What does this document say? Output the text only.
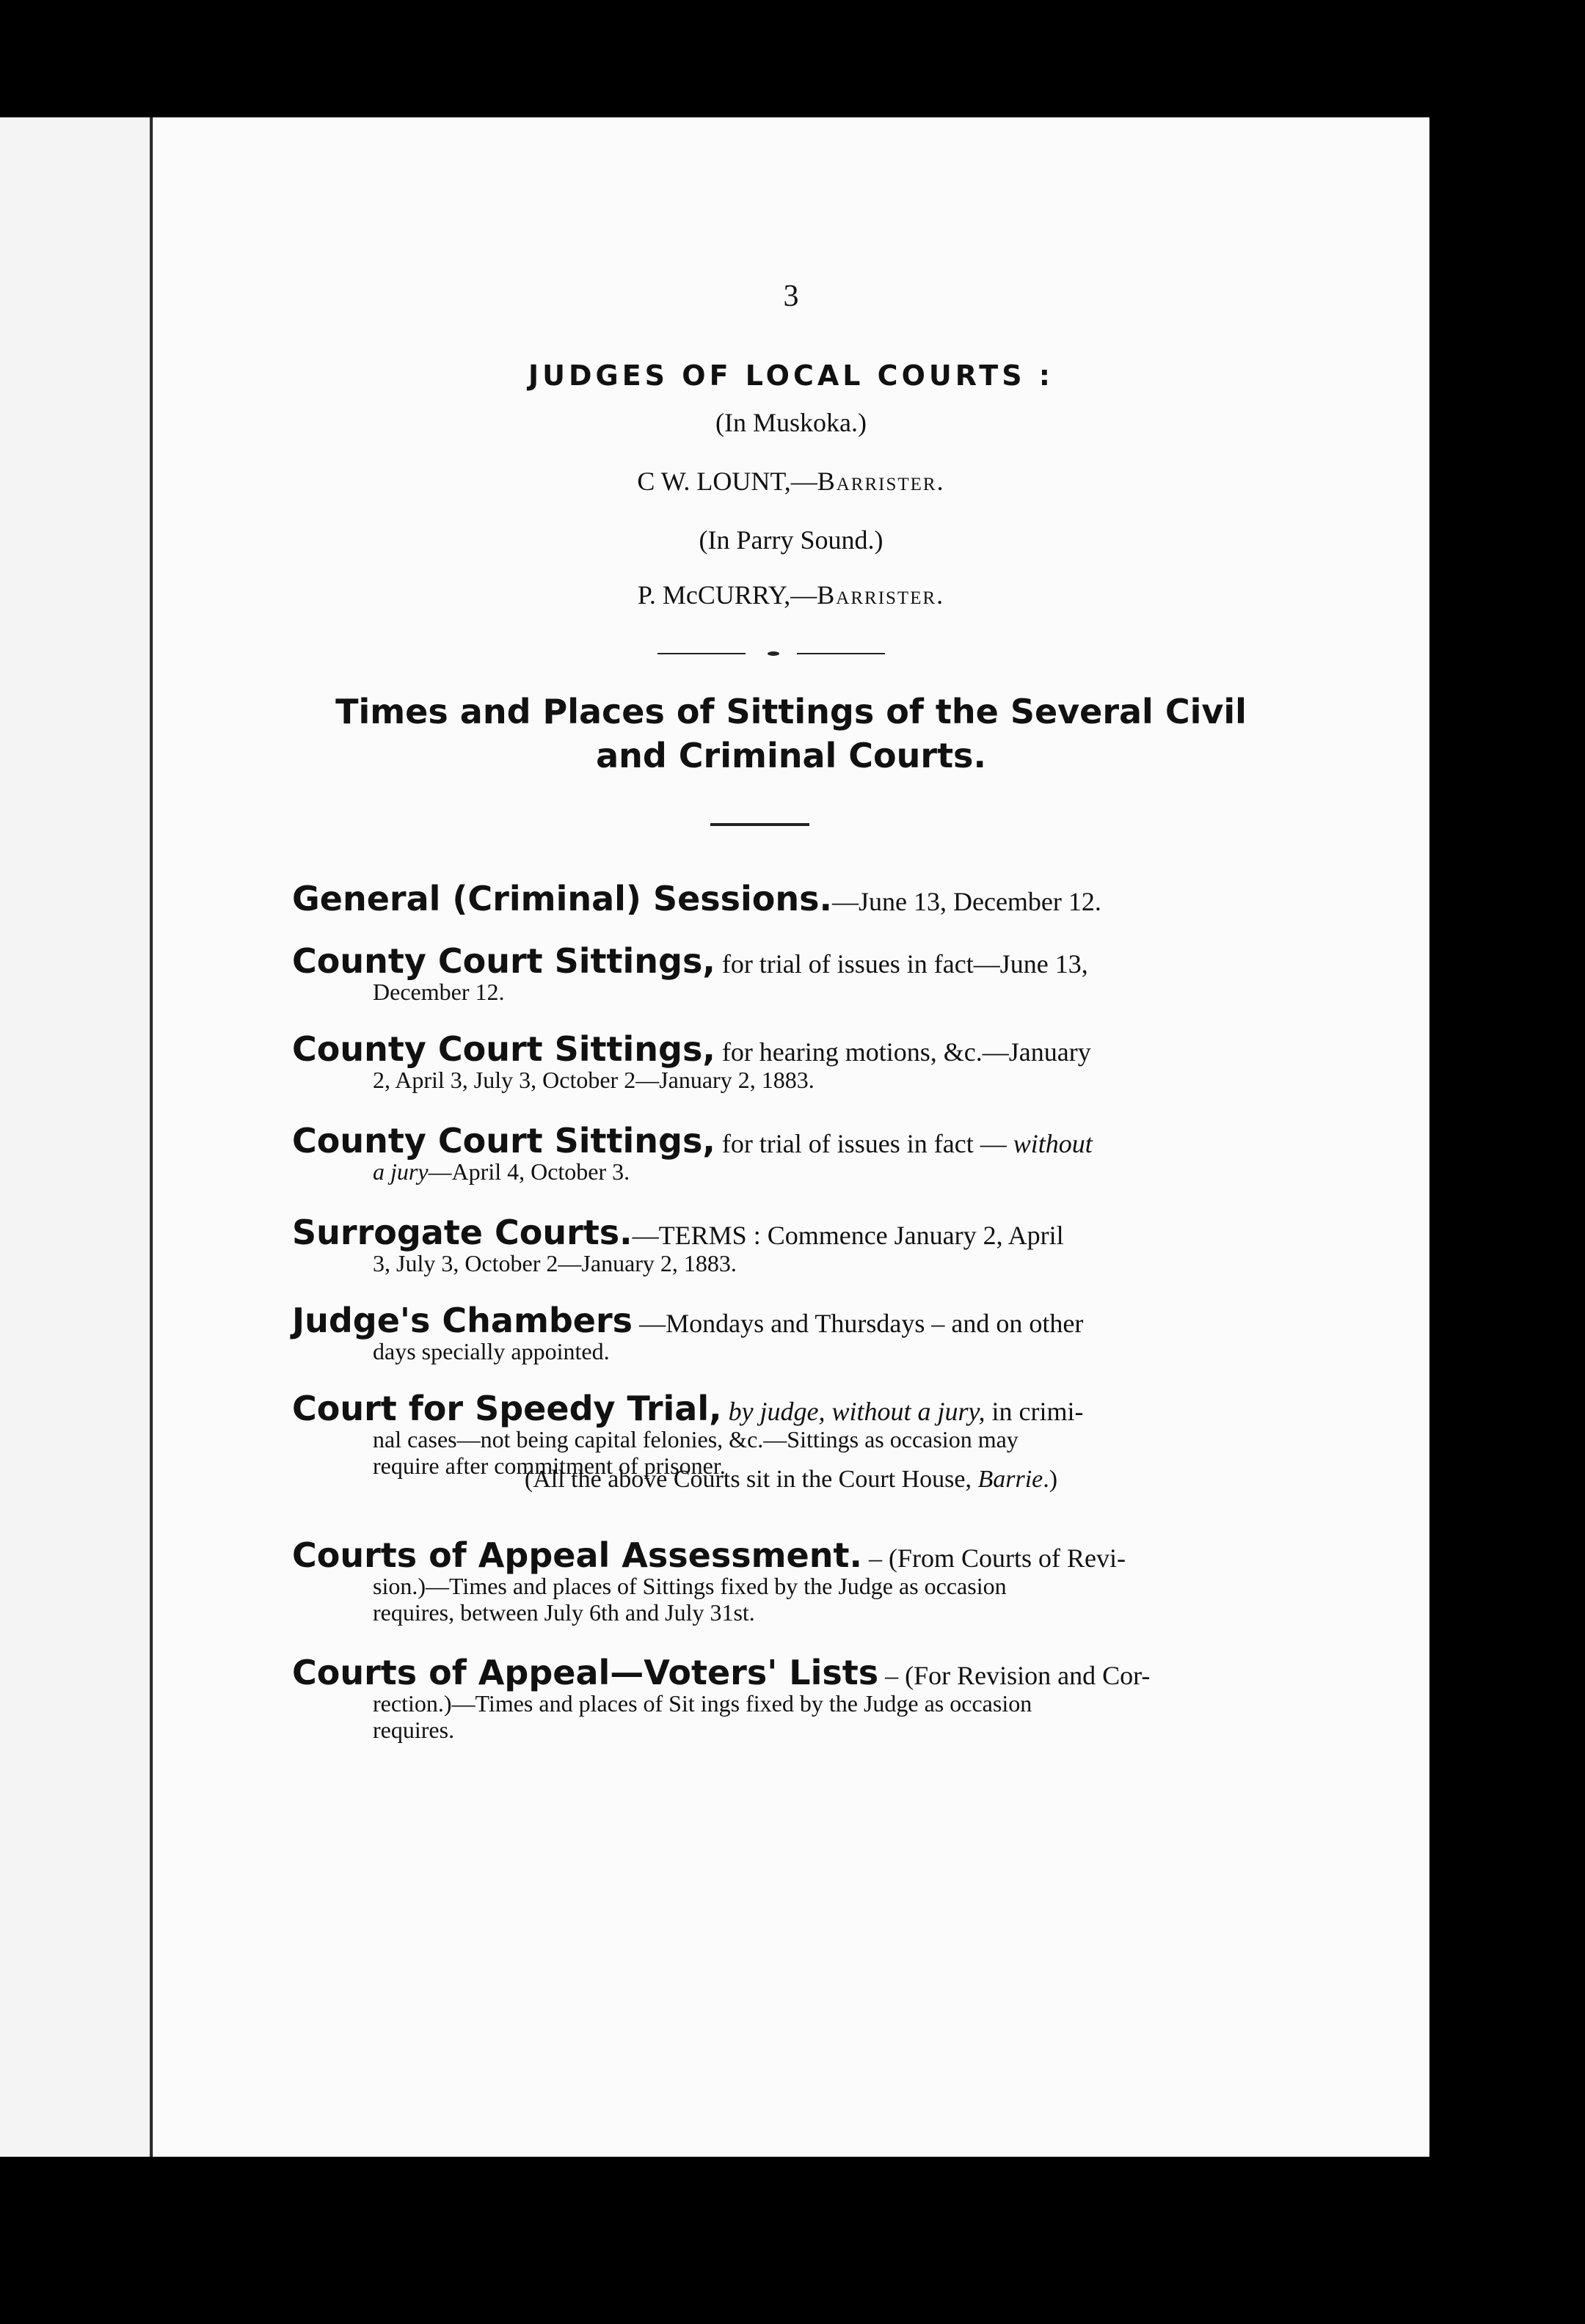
3
JUDGES OF LOCAL COURTS :
(In Muskoka.)
C W. LOUNT,—Barrister.
(In Parry Sound.)
P. McCURRY,—Barrister.
Times and Places of Sittings of the Several Civil
and Criminal Courts.
General (Criminal) Sessions.—June 13, December 12.
County Court Sittings, for trial of issues in fact—June 13,
December 12.
County Court Sittings, for hearing motions, &c.—January
2, April 3, July 3, October 2—January 2, 1883.
County Court Sittings, for trial of issues in fact — without
a jury—April 4, October 3.
Surrogate Courts.—TERMS : Commence January 2, April
3, July 3, October 2—January 2, 1883.
Judge's Chambers —Mondays and Thursdays – and on other
days specially appointed.
Court for Speedy Trial, by judge, without a jury, in crimi-
nal cases—not being capital felonies, &c.—Sittings as occasion may
require after commitment of prisoner.
(All the above Courts sit in the Court House, Barrie.)
Courts of Appeal Assessment. – (From Courts of Revi-
sion.)—Times and places of Sittings fixed by the Judge as occasion
requires, between July 6th and July 31st.
Courts of Appeal—Voters' Lists – (For Revision and Cor-
rection.)—Times and places of Sit ings fixed by the Judge as occasion
requires.
